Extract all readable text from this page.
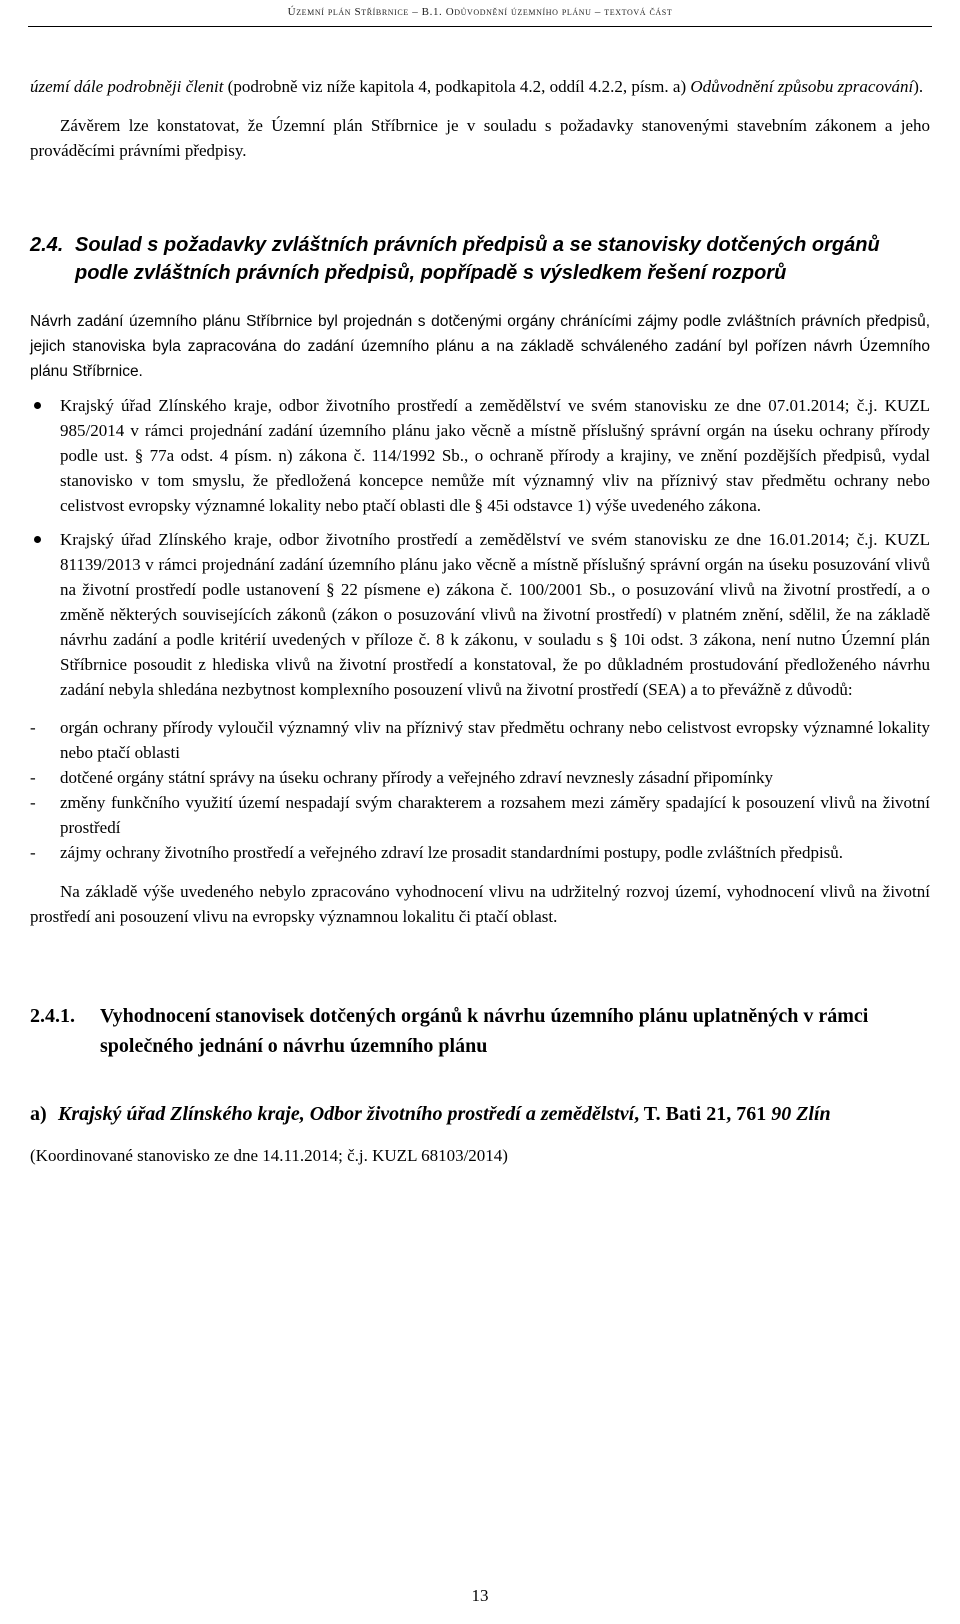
Územní plán Stříbrnice – B.1. Odůvodnění územního plánu – textová část

území dále podrobněji členit (podrobně viz níže kapitola 4, podkapitola 4.2, oddíl 4.2.2, písm. a) Odůvodnění způsobu zpracování).

Závěrem lze konstatovat, že Územní plán Stříbrnice je v souladu s požadavky stanovenými stavebním zákonem a jeho prováděcími právními předpisy.

2.4. Soulad s požadavky zvláštních právních předpisů a se stanovisky dotčených orgánů podle zvláštních právních předpisů, popřípadě s výsledkem řešení rozporů

Návrh zadání územního plánu Stříbrnice byl projednán s dotčenými orgány chránícími zájmy podle zvláštních právních předpisů, jejich stanoviska byla zapracována do zadání územního plánu a na základě schváleného zadání byl pořízen návrh Územního plánu Stříbrnice.

Krajský úřad Zlínského kraje, odbor životního prostředí a zemědělství ve svém stanovisku ze dne 07.01.2014; č.j. KUZL 985/2014 v rámci projednání zadání územního plánu jako věcně a místně příslušný správní orgán na úseku ochrany přírody podle ust. § 77a odst. 4 písm. n) zákona č. 114/1992 Sb., o ochraně přírody a krajiny, ve znění pozdějších předpisů, vydal stanovisko v tom smyslu, že předložená koncepce nemůže mít významný vliv na příznivý stav předmětu ochrany nebo celistvost evropsky významné lokality nebo ptačí oblasti dle § 45i odstavce 1) výše uvedeného zákona.
Krajský úřad Zlínského kraje, odbor životního prostředí a zemědělství ve svém stanovisku ze dne 16.01.2014; č.j. KUZL 81139/2013 v rámci projednání zadání územního plánu jako věcně a místně příslušný správní orgán na úseku posuzování vlivů na životní prostředí podle ustanovení § 22 písmene e) zákona č. 100/2001 Sb., o posuzování vlivů na životní prostředí, a o změně některých souvisejících zákonů (zákon o posuzování vlivů na životní prostředí) v platném znění, sdělil, že na základě návrhu zadání a podle kritérií uvedených v příloze č. 8 k zákonu, v souladu s § 10i odst. 3 zákona, není nutno Územní plán Stříbrnice posoudit z hlediska vlivů na životní prostředí a konstatoval, že po důkladném prostudování předloženého návrhu zadání nebyla shledána nezbytnost komplexního posouzení vlivů na životní prostředí (SEA) a to převážně z důvodů:
- orgán ochrany přírody vyloučil významný vliv na příznivý stav předmětu ochrany nebo celistvost evropsky významné lokality nebo ptačí oblasti
- dotčené orgány státní správy na úseku ochrany přírody a veřejného zdraví nevznesly zásadní připomínky
- změny funkčního využití území nespadají svým charakterem a rozsahem mezi záměry spadající k posouzení vlivů na životní prostředí
- zájmy ochrany životního prostředí a veřejného zdraví lze prosadit standardními postupy, podle zvláštních předpisů.

Na základě výše uvedeného nebylo zpracováno vyhodnocení vlivu na udržitelný rozvoj území, vyhodnocení vlivů na životní prostředí ani posouzení vlivu na evropsky významnou lokalitu či ptačí oblast.

2.4.1. Vyhodnocení stanovisek dotčených orgánů k návrhu územního plánu uplatněných v rámci společného jednání o návrhu územního plánu
a) Krajský úřad Zlínského kraje, Odbor životního prostředí a zemědělství, T. Bati 21, 761 90 Zlín

(Koordinované stanovisko ze dne 14.11.2014; č.j. KUZL 68103/2014)

13
